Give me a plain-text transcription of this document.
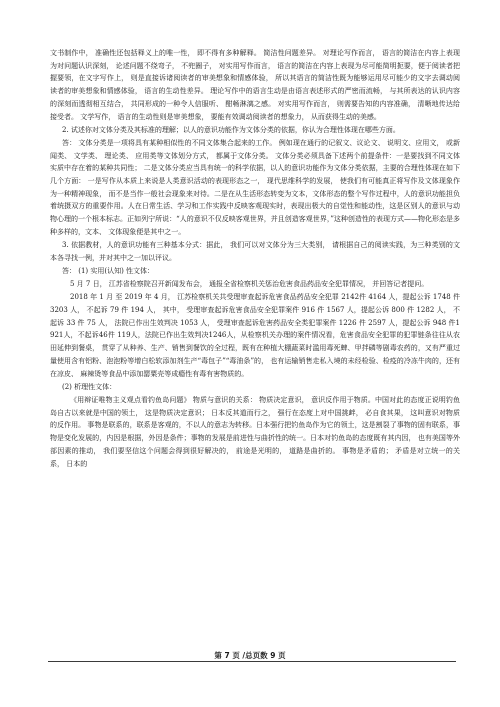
文书制作中， 准确性还包括释义上的唯一性， 即不得有多种解释。 简洁性问题差异。 对理论写作而言， 语言的简洁在内容上表现为对问题认识深刻， 论述问题不绕弯子， 不兜圈子， 对实用写作而言， 语言的简洁在内容上表现为尽可能简明扼要，便于阅读者把握要领，在文字写作上， 则是直接诉诸阅读者的审美想象和情感体验， 所以其语言的简洁性既为能够运用尽可能少的文字去调动阅读者的审美想象和情感体验， 语言的生动性差异。 理论写作中的语言生动是由语言表述形式的严密而流畅， 与其所表达的认识内容的深刻而透彻相互结合， 共同形成的一种令人信服听、 酣畅淋漓之感。 对实用写作而言， 则需要告知的内容准确， 清晰地传达给接受者。 文学写作， 语言的生动性则是审美想象， 要能有效调动阅读者的想象力， 从而获得生动的美感。

2. 试述你对文体分类及其标准的理解；以人的意识功能作为文体分类的依据，你认为合理性体现在哪些方面。

答： 文体分类是一项将具有某种相似性的不同文体集合起来的工作。 例如现在通行的记叙文、议论文、 说明文、应用文， 或新闻类、 文学类、 理论类、 应用类等文体划分方式， 都属于文体分类。 文体分类必须具备下述两个前提条件：一是要找到不同文体实质中存在着的某种共同性； 二是文体分类应当具有统一的科学依据，以人的意识功能作为文体分类依据，主要的合理性体现在如下几个方面： 一是写作从本质上来说是人类意识活动的表现形态之一， 现代思维科学的发展， 使我们有可能真正将写作及文体现象作为一种精神现象， 而不是当作一般社会现象来对待。二是在从生活形态转变为文本，文体形态的整个写作过程中，人的意识功能担负着统摄双方的重要作用。人在日常生活、学习和工作实践中反映客观现实时，表现出极大的自觉性和能动性，这是区别人的意识与动物心理的一个根本标志。正如列宁所说：“人的意识不仅反映客观世界，并且创造客观世界，”这种创造性的表现方式——物化形态是多种多样的，文本、 文体现象便是其中之一。

3. 依据教材，人的意识功能有三种基本分式：据此， 我们可以对文体分为三大类别， 请根据自己的阅读实践，为三种类别的文本各寻找一例，并对其中之一加以评议。

答： (1) 实用(认知) 性文体：

5 月 7 日， 江苏省检察院召开新闻发布会， 通报全省检察机关惩治危害食品药品安全犯罪情况， 并回答记者提问。

2018 年 1 月 至 2019 年 4 月， 江苏检察机关共受理审查起诉危害食品药品安全犯罪 2142件 4164 人，提起公诉 1748 件 3203 人， 不起诉 79 件 194 人， 其中， 受理审查起诉危害食品安全犯罪案件 916 件 1567 人，提起公诉 800 件 1282 人， 不起诉 33 件 75 人， 法院已作出生效判决 1053 人， 受理审查起诉危害药品安全类犯罪案件 1226 件 2597 人，提起公诉 948 件1921人，不起诉46件 119人，法院已作出生效判决1246人，从检察机关办理的案件情况看，危害食品安全犯罪的犯罪链条往往从农田延伸到餐桌， 贯穿了从种养、生产、销售到餐饮的全过程，既有在种植大棚蔬菜时滥用毒死蜱、甲拌磷等剧毒农药的，又有严重过量使用含有铝粉、泡泡粉等增白松软添加剂生产“毒包子”“毒油条”的， 也有运输销售走私入境的未经检验、检疫的冷冻牛肉的，还有在凉皮、 麻辣烫等食品中添加罂粟壳等成瘾性有毒有害物质的。

(2) 析理性文体：

《用辩证唯物主义观点看钓鱼岛问题》 物质与意识的关系： 物质决定意识， 意识反作用于物质。中国对此的态度正说明钓鱼岛自古以来就是中国的领土， 这是物质决定意识； 日本反其道而行之， 强行在态度上对中国挑衅， 必自食其果， 这叫意识对物质的反作用。 事物是联系的，联系是客观的，不以人的意志为转移。日本强行把钓鱼岛作为它的领土，这是割裂了事物的固有联系，事物是变化发展的，内因是根据，外因是条件；事物的发展是前进性与曲折性的统一。日本对钓鱼岛的态度既有其内因， 也有美国等外部因素的推动， 我们要坚信这个问题会得到很好解决的， 前途是光明的， 道路是曲折的。 事物是矛盾的； 矛盾是对立统一的关系， 日本的

第 7 页 /总页数 9 页
